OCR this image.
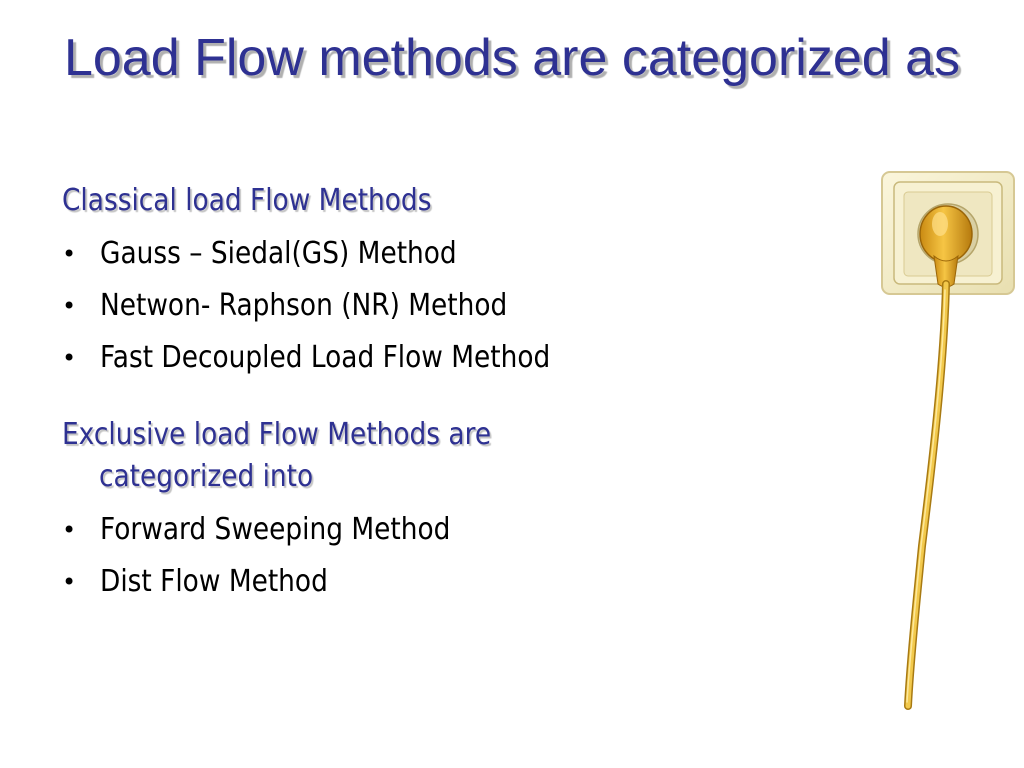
Load Flow methods are categorized as
Classical load Flow Methods
• Gauss – Siedal(GS) Method
• Netwon- Raphson (NR) Method
• Fast Decoupled Load Flow Method
Exclusive load Flow Methods are
categorized into
• Forward Sweeping Method
• Dist Flow Method
